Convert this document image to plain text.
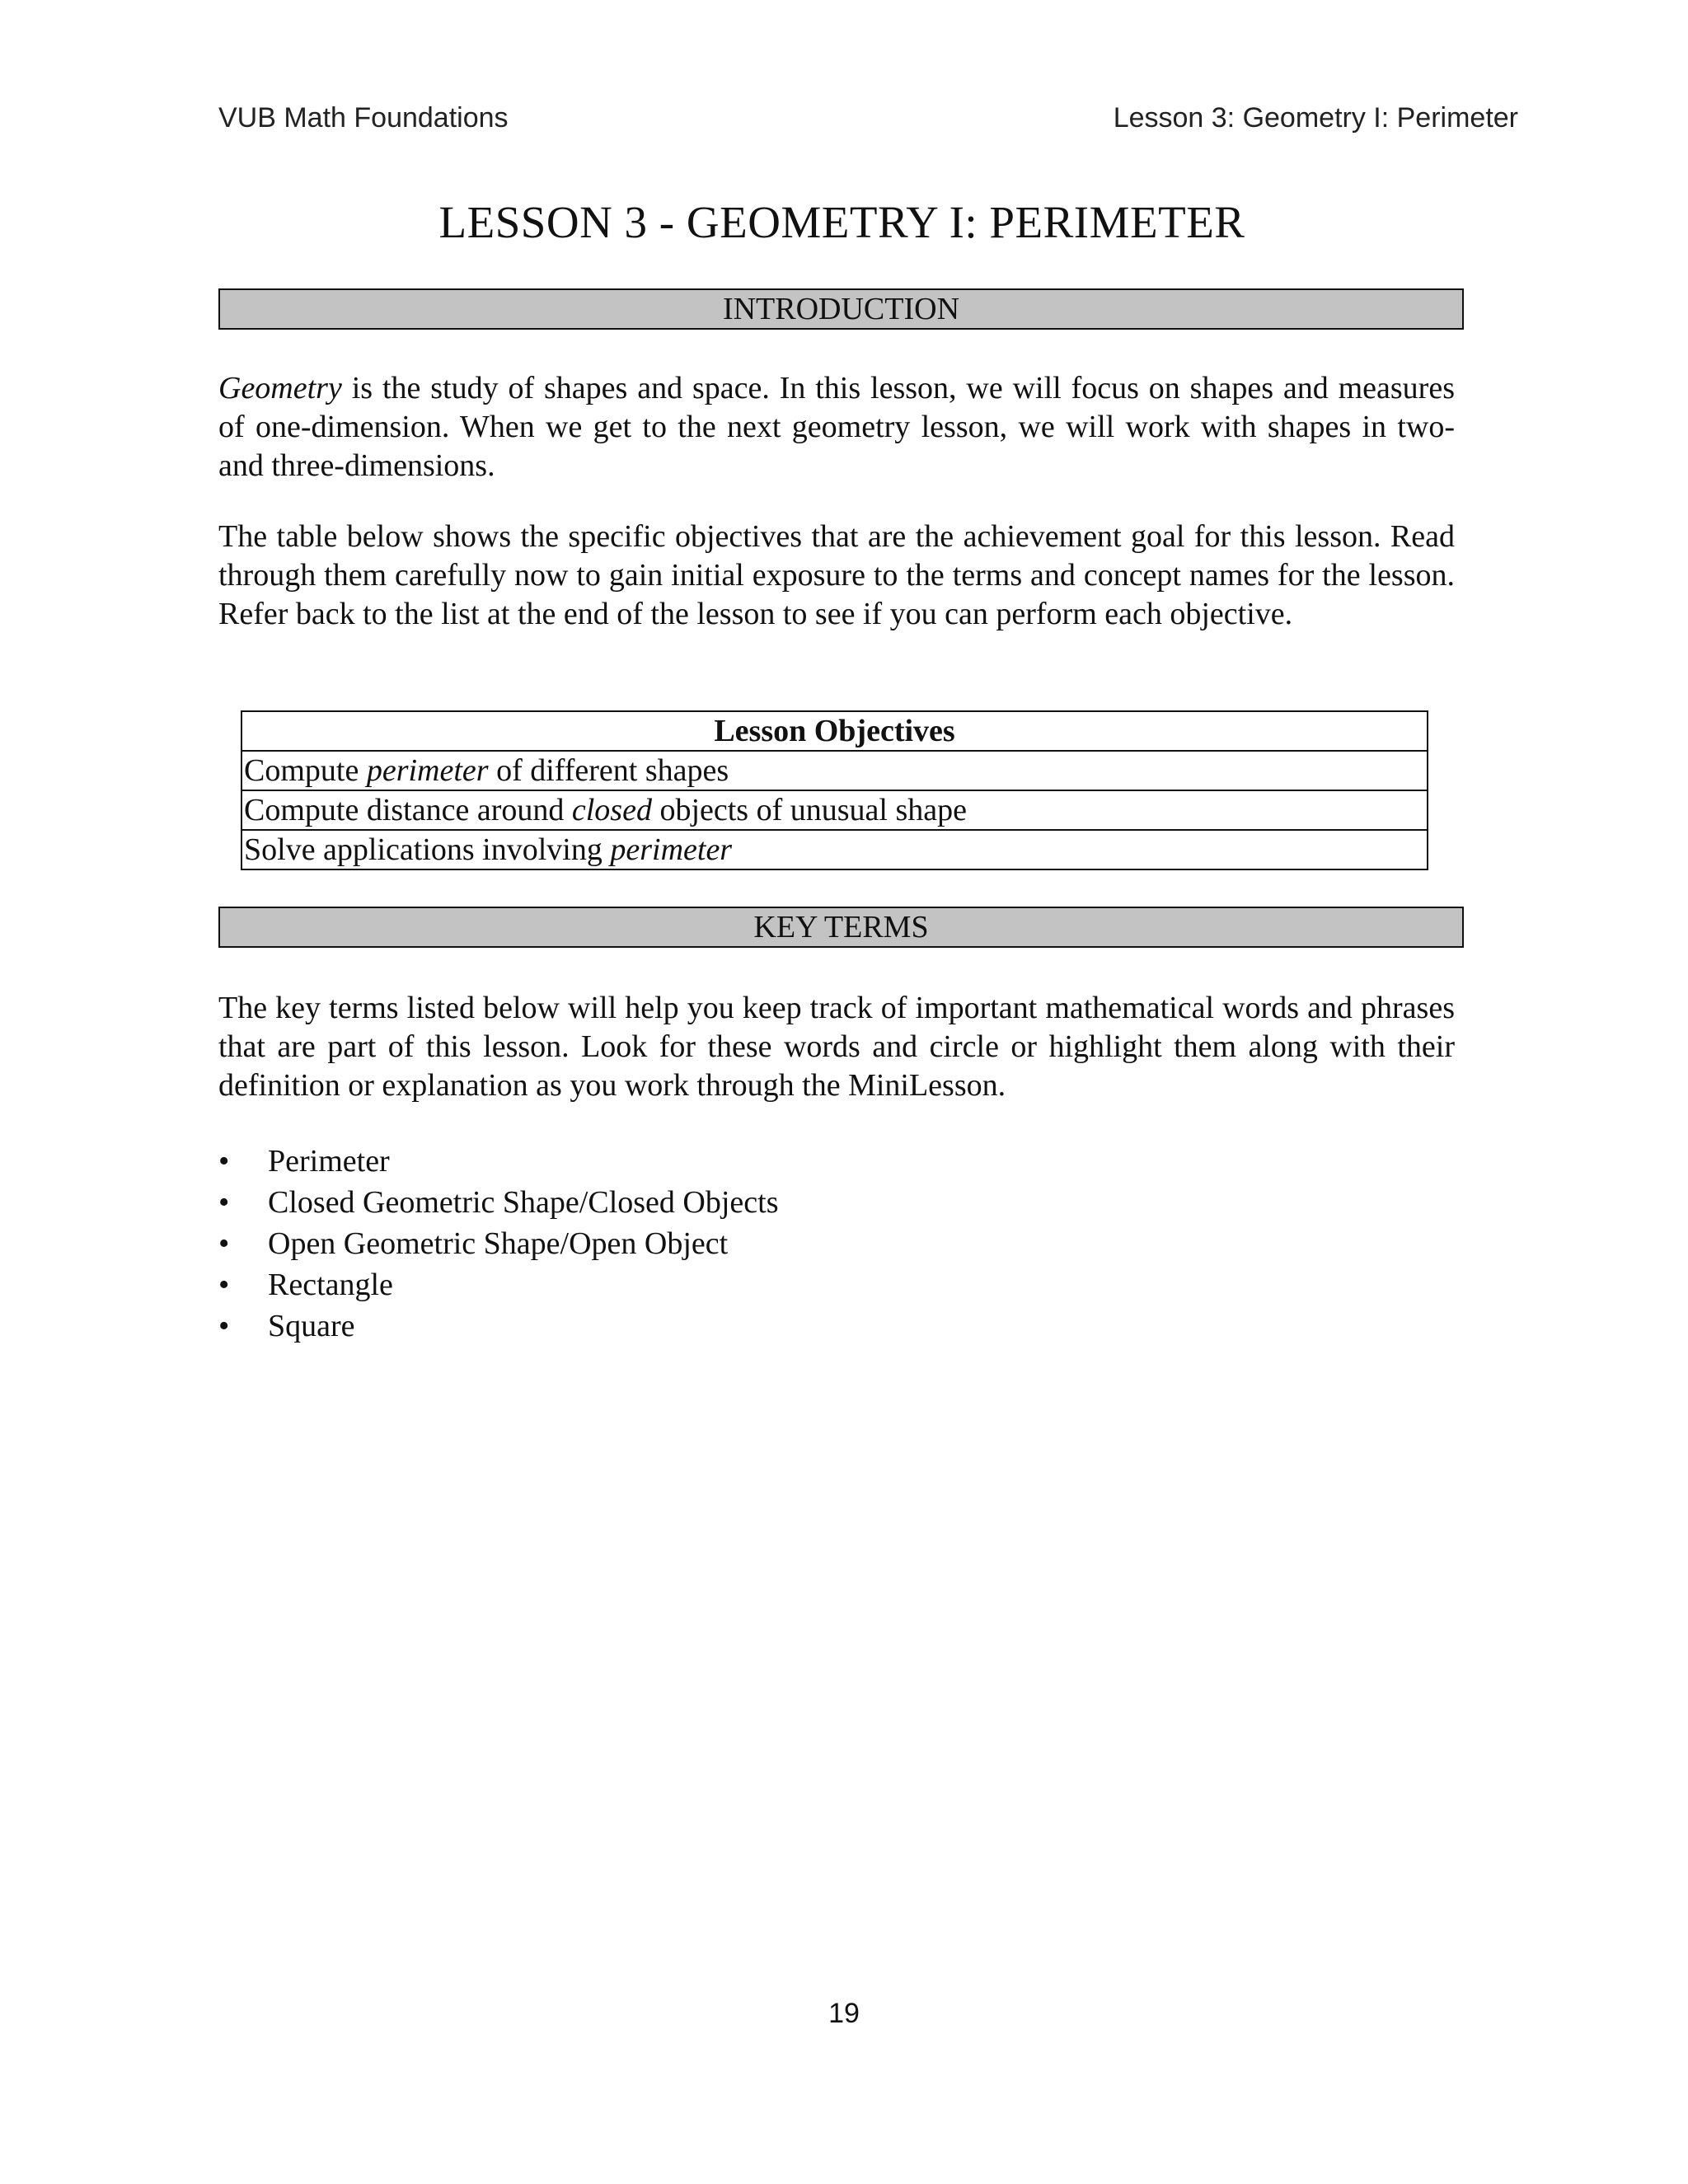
VUB Math Foundations	Lesson 3: Geometry I: Perimeter
LESSON 3 - GEOMETRY I: PERIMETER
INTRODUCTION

Geometry is the study of shapes and space. In this lesson, we will focus on shapes and measures of one-dimension. When we get to the next geometry lesson, we will work with shapes in two- and three-dimensions.

The table below shows the specific objectives that are the achievement goal for this lesson. Read through them carefully now to gain initial exposure to the terms and concept names for the lesson. Refer back to the list at the end of the lesson to see if you can perform each objective.

Lesson Objectives
Compute perimeter of different shapes
Compute distance around closed objects of unusual shape
Solve applications involving perimeter
KEY TERMS

The key terms listed below will help you keep track of important mathematical words and phrases that are part of this lesson. Look for these words and circle or highlight them along with their definition or explanation as you work through the MiniLesson.

• Perimeter
• Closed Geometric Shape/Closed Objects
• Open Geometric Shape/Open Object
• Rectangle
• Square
19
